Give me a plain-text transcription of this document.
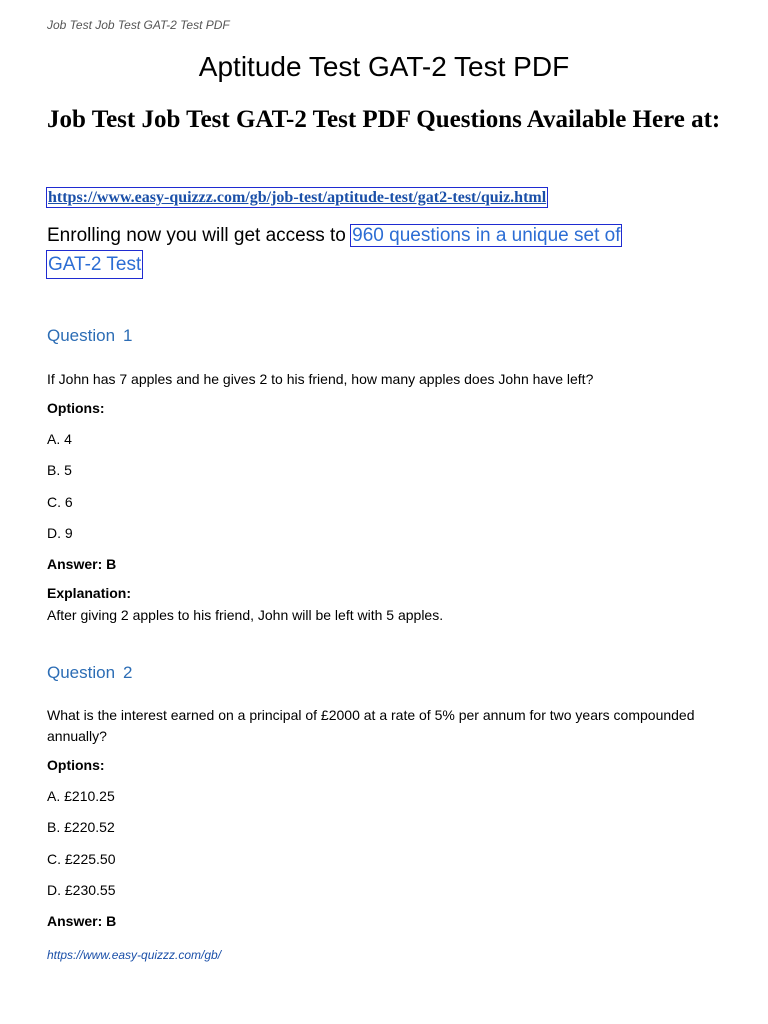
Job Test Job Test GAT-2 Test PDF
Aptitude Test GAT-2 Test PDF
Job Test Job Test GAT-2 Test PDF Questions Available Here at:
https://www.easy-quizzz.com/gb/job-test/aptitude-test/gat2-test/quiz.html
Enrolling now you will get access to 960 questions in a unique set of
GAT-2 Test
Question 1
If John has 7 apples and he gives 2 to his friend, how many apples does John have left?
Options:
A. 4
B. 5
C. 6
D. 9
Answer: B
Explanation:
After giving 2 apples to his friend, John will be left with 5 apples.
Question 2
What is the interest earned on a principal of £2000 at a rate of 5% per annum for two years compounded annually?
Options:
A. £210.25
B. £220.52
C. £225.50
D. £230.55
Answer: B
https://www.easy-quizzz.com/gb/
